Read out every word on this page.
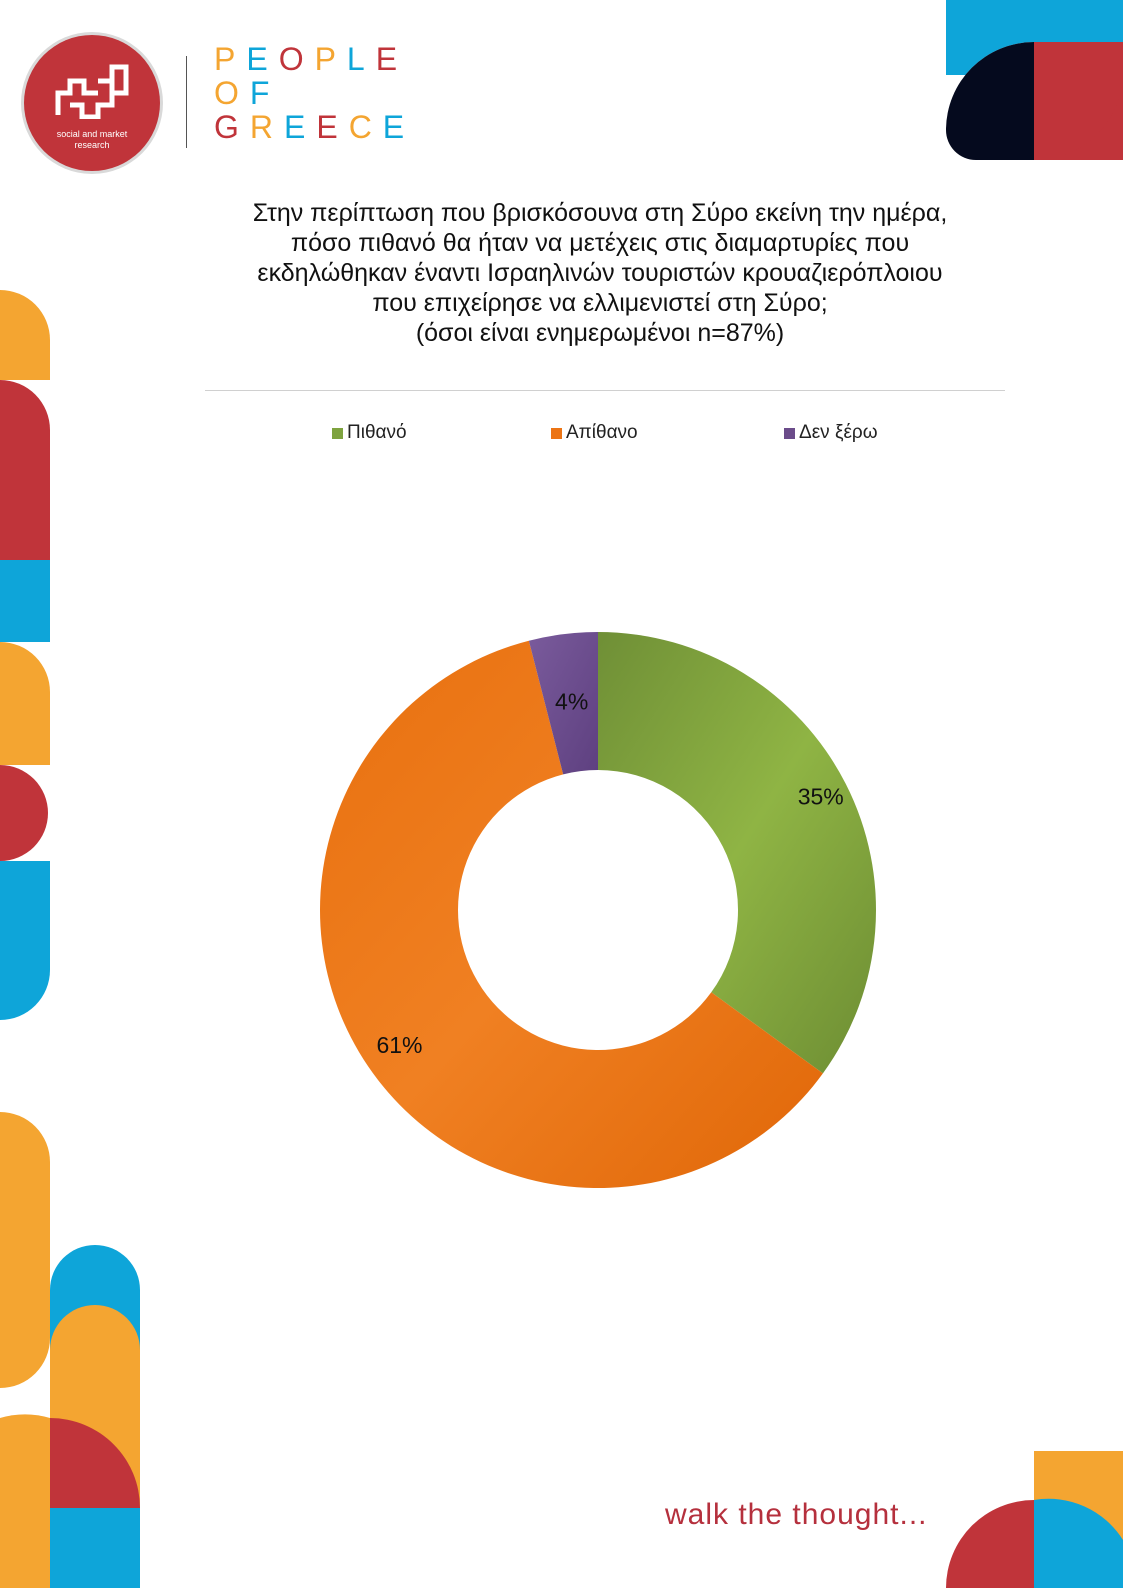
social and market
research
PEOPLE
OF
GREECE
Στην περίπτωση που βρισκόσουνα στη Σύρο εκείνη την ημέρα,
πόσο πιθανό θα ήταν να μετέχεις στις διαμαρτυρίες που
εκδηλώθηκαν έναντι Ισραηλινών τουριστών κρουαζιερόπλοιου
που επιχείρησε να ελλιμενιστεί στη Σύρο;
(όσοι είναι ενημερωμένοι n=87%)
Πιθανό	Απίθανο	Δεν ξέρω
35%
61%
4%
walk the thought...
